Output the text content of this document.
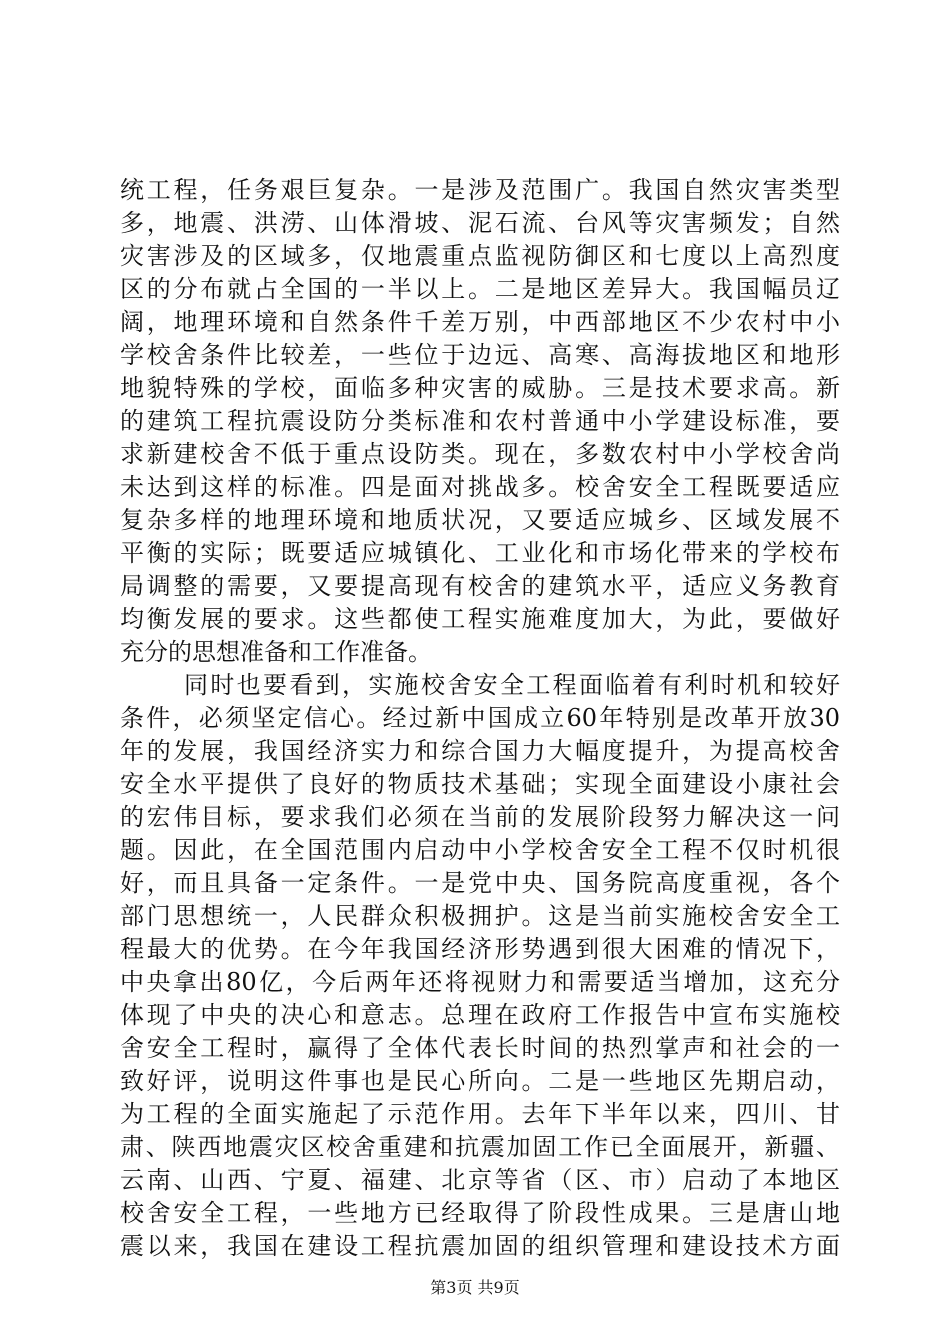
统工程，任务艰巨复杂。一是涉及范围广。我国自然灾害类型
多，地震、洪涝、山体滑坡、泥石流、台风等灾害频发；自然
灾害涉及的区域多，仅地震重点监视防御区和七度以上高烈度
区的分布就占全国的一半以上。二是地区差异大。我国幅员辽
阔，地理环境和自然条件千差万别，中西部地区不少农村中小
学校舍条件比较差，一些位于边远、高寒、高海拔地区和地形
地貌特殊的学校，面临多种灾害的威胁。三是技术要求高。新
的建筑工程抗震设防分类标准和农村普通中小学建设标准，要
求新建校舍不低于重点设防类。现在，多数农村中小学校舍尚
未达到这样的标准。四是面对挑战多。校舍安全工程既要适应
复杂多样的地理环境和地质状况，又要适应城乡、区域发展不
平衡的实际；既要适应城镇化、工业化和市场化带来的学校布
局调整的需要，又要提高现有校舍的建筑水平，适应义务教育
均衡发展的要求。这些都使工程实施难度加大，为此，要做好
充分的思想准备和工作准备。
同时也要看到，实施校舍安全工程面临着有利时机和较好
条件，必须坚定信心。经过新中国成立60年特别是改革开放30
年的发展，我国经济实力和综合国力大幅度提升，为提高校舍
安全水平提供了良好的物质技术基础；实现全面建设小康社会
的宏伟目标，要求我们必须在当前的发展阶段努力解决这一问
题。因此，在全国范围内启动中小学校舍安全工程不仅时机很
好，而且具备一定条件。一是党中央、国务院高度重视，各个
部门思想统一，人民群众积极拥护。这是当前实施校舍安全工
程最大的优势。在今年我国经济形势遇到很大困难的情况下，
中央拿出80亿，今后两年还将视财力和需要适当增加，这充分
体现了中央的决心和意志。总理在政府工作报告中宣布实施校
舍安全工程时，赢得了全体代表长时间的热烈掌声和社会的一
致好评，说明这件事也是民心所向。二是一些地区先期启动，
为工程的全面实施起了示范作用。去年下半年以来，四川、甘
肃、陕西地震灾区校舍重建和抗震加固工作已全面展开，新疆、
云南、山西、宁夏、福建、北京等省（区、市）启动了本地区
校舍安全工程，一些地方已经取得了阶段性成果。三是唐山地
震以来，我国在建设工程抗震加固的组织管理和建设技术方面
第3页 共9页
